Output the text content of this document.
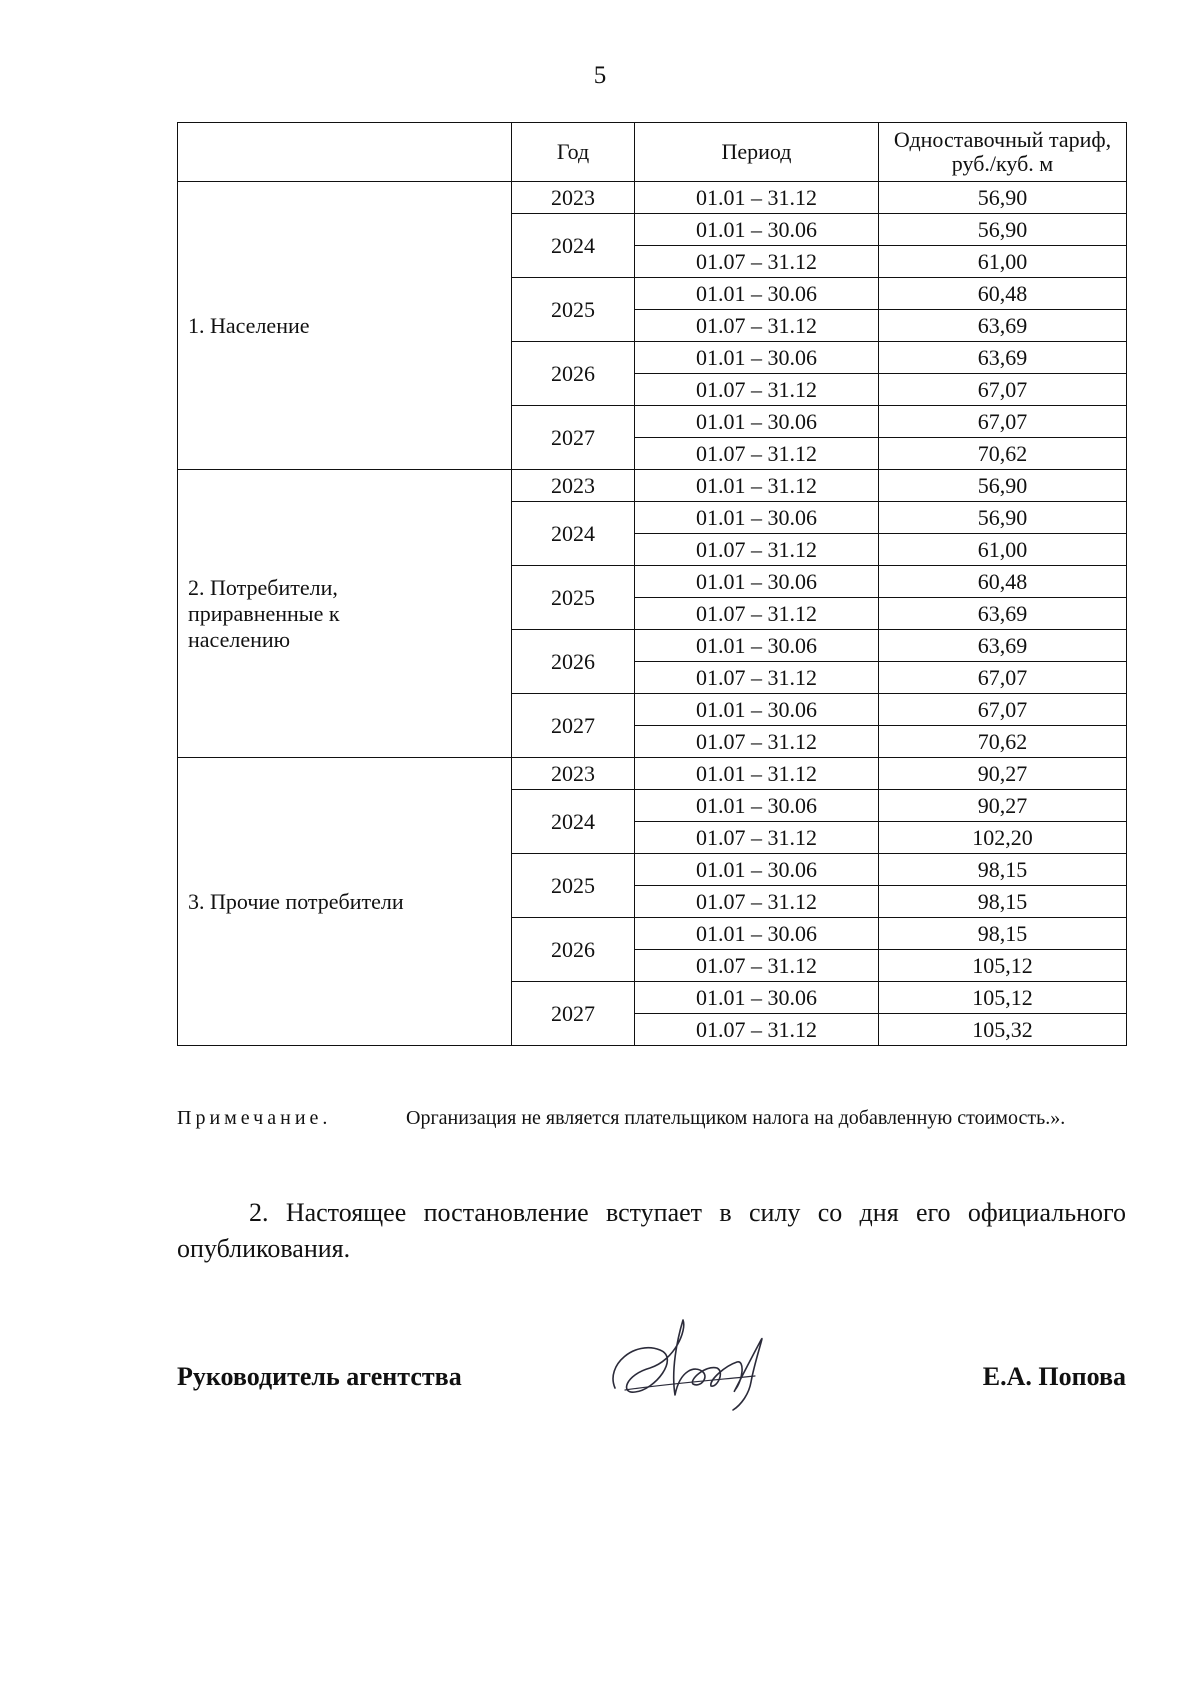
5
	Год	Период	Одноставочный тариф, руб./куб. м
1. Население	2023	01.01 – 31.12	56,90
	2024	01.01 – 30.06	56,90
		01.07 – 31.12	61,00
	2025	01.01 – 30.06	60,48
		01.07 – 31.12	63,69
	2026	01.01 – 30.06	63,69
		01.07 – 31.12	67,07
	2027	01.01 – 30.06	67,07
		01.07 – 31.12	70,62
2. Потребители, приравненные к населению	2023	01.01 – 31.12	56,90
	2024	01.01 – 30.06	56,90
		01.07 – 31.12	61,00
	2025	01.01 – 30.06	60,48
		01.07 – 31.12	63,69
	2026	01.01 – 30.06	63,69
		01.07 – 31.12	67,07
	2027	01.01 – 30.06	67,07
		01.07 – 31.12	70,62
3. Прочие потребители	2023	01.01 – 31.12	90,27
	2024	01.01 – 30.06	90,27
		01.07 – 31.12	102,20
	2025	01.01 – 30.06	98,15
		01.07 – 31.12	98,15
	2026	01.01 – 30.06	98,15
		01.07 – 31.12	105,12
	2027	01.01 – 30.06	105,12
		01.07 – 31.12	105,32
Примечание.	Организация не является плательщиком налога на добавленную стоимость.».
2. Настоящее постановление вступает в силу со дня его официального опубликования.
Руководитель агентства	Е.А. Попова
